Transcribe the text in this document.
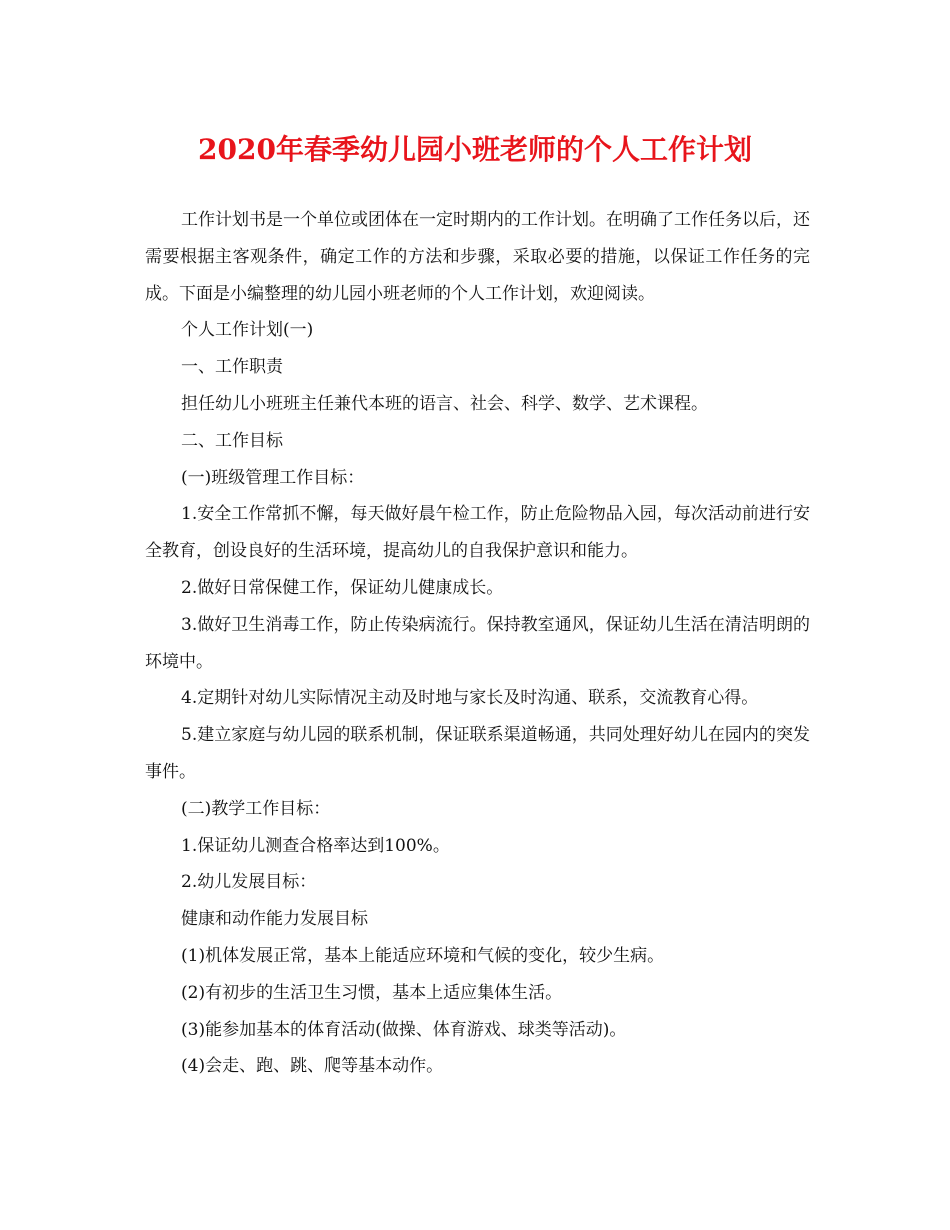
2020年春季幼儿园小班老师的个人工作计划

工作计划书是一个单位或团体在一定时期内的工作计划。在明确了工作任务以后，还需要根据主客观条件，确定工作的方法和步骤，采取必要的措施，以保证工作任务的完成。下面是小编整理的幼儿园小班老师的个人工作计划，欢迎阅读。

个人工作计划(一)

一、工作职责

担任幼儿小班班主任兼代本班的语言、社会、科学、数学、艺术课程。

二、工作目标

(一)班级管理工作目标：

1.安全工作常抓不懈，每天做好晨午检工作，防止危险物品入园，每次活动前进行安全教育，创设良好的生活环境，提高幼儿的自我保护意识和能力。

2.做好日常保健工作，保证幼儿健康成长。

3.做好卫生消毒工作，防止传染病流行。保持教室通风，保证幼儿生活在清洁明朗的环境中。

4.定期针对幼儿实际情况主动及时地与家长及时沟通、联系，交流教育心得。

5.建立家庭与幼儿园的联系机制，保证联系渠道畅通，共同处理好幼儿在园内的突发事件。

(二)教学工作目标：

1.保证幼儿测查合格率达到100%。

2.幼儿发展目标：

健康和动作能力发展目标

(1)机体发展正常，基本上能适应环境和气候的变化，较少生病。

(2)有初步的生活卫生习惯，基本上适应集体生活。

(3)能参加基本的体育活动(做操、体育游戏、球类等活动)。

(4)会走、跑、跳、爬等基本动作。
